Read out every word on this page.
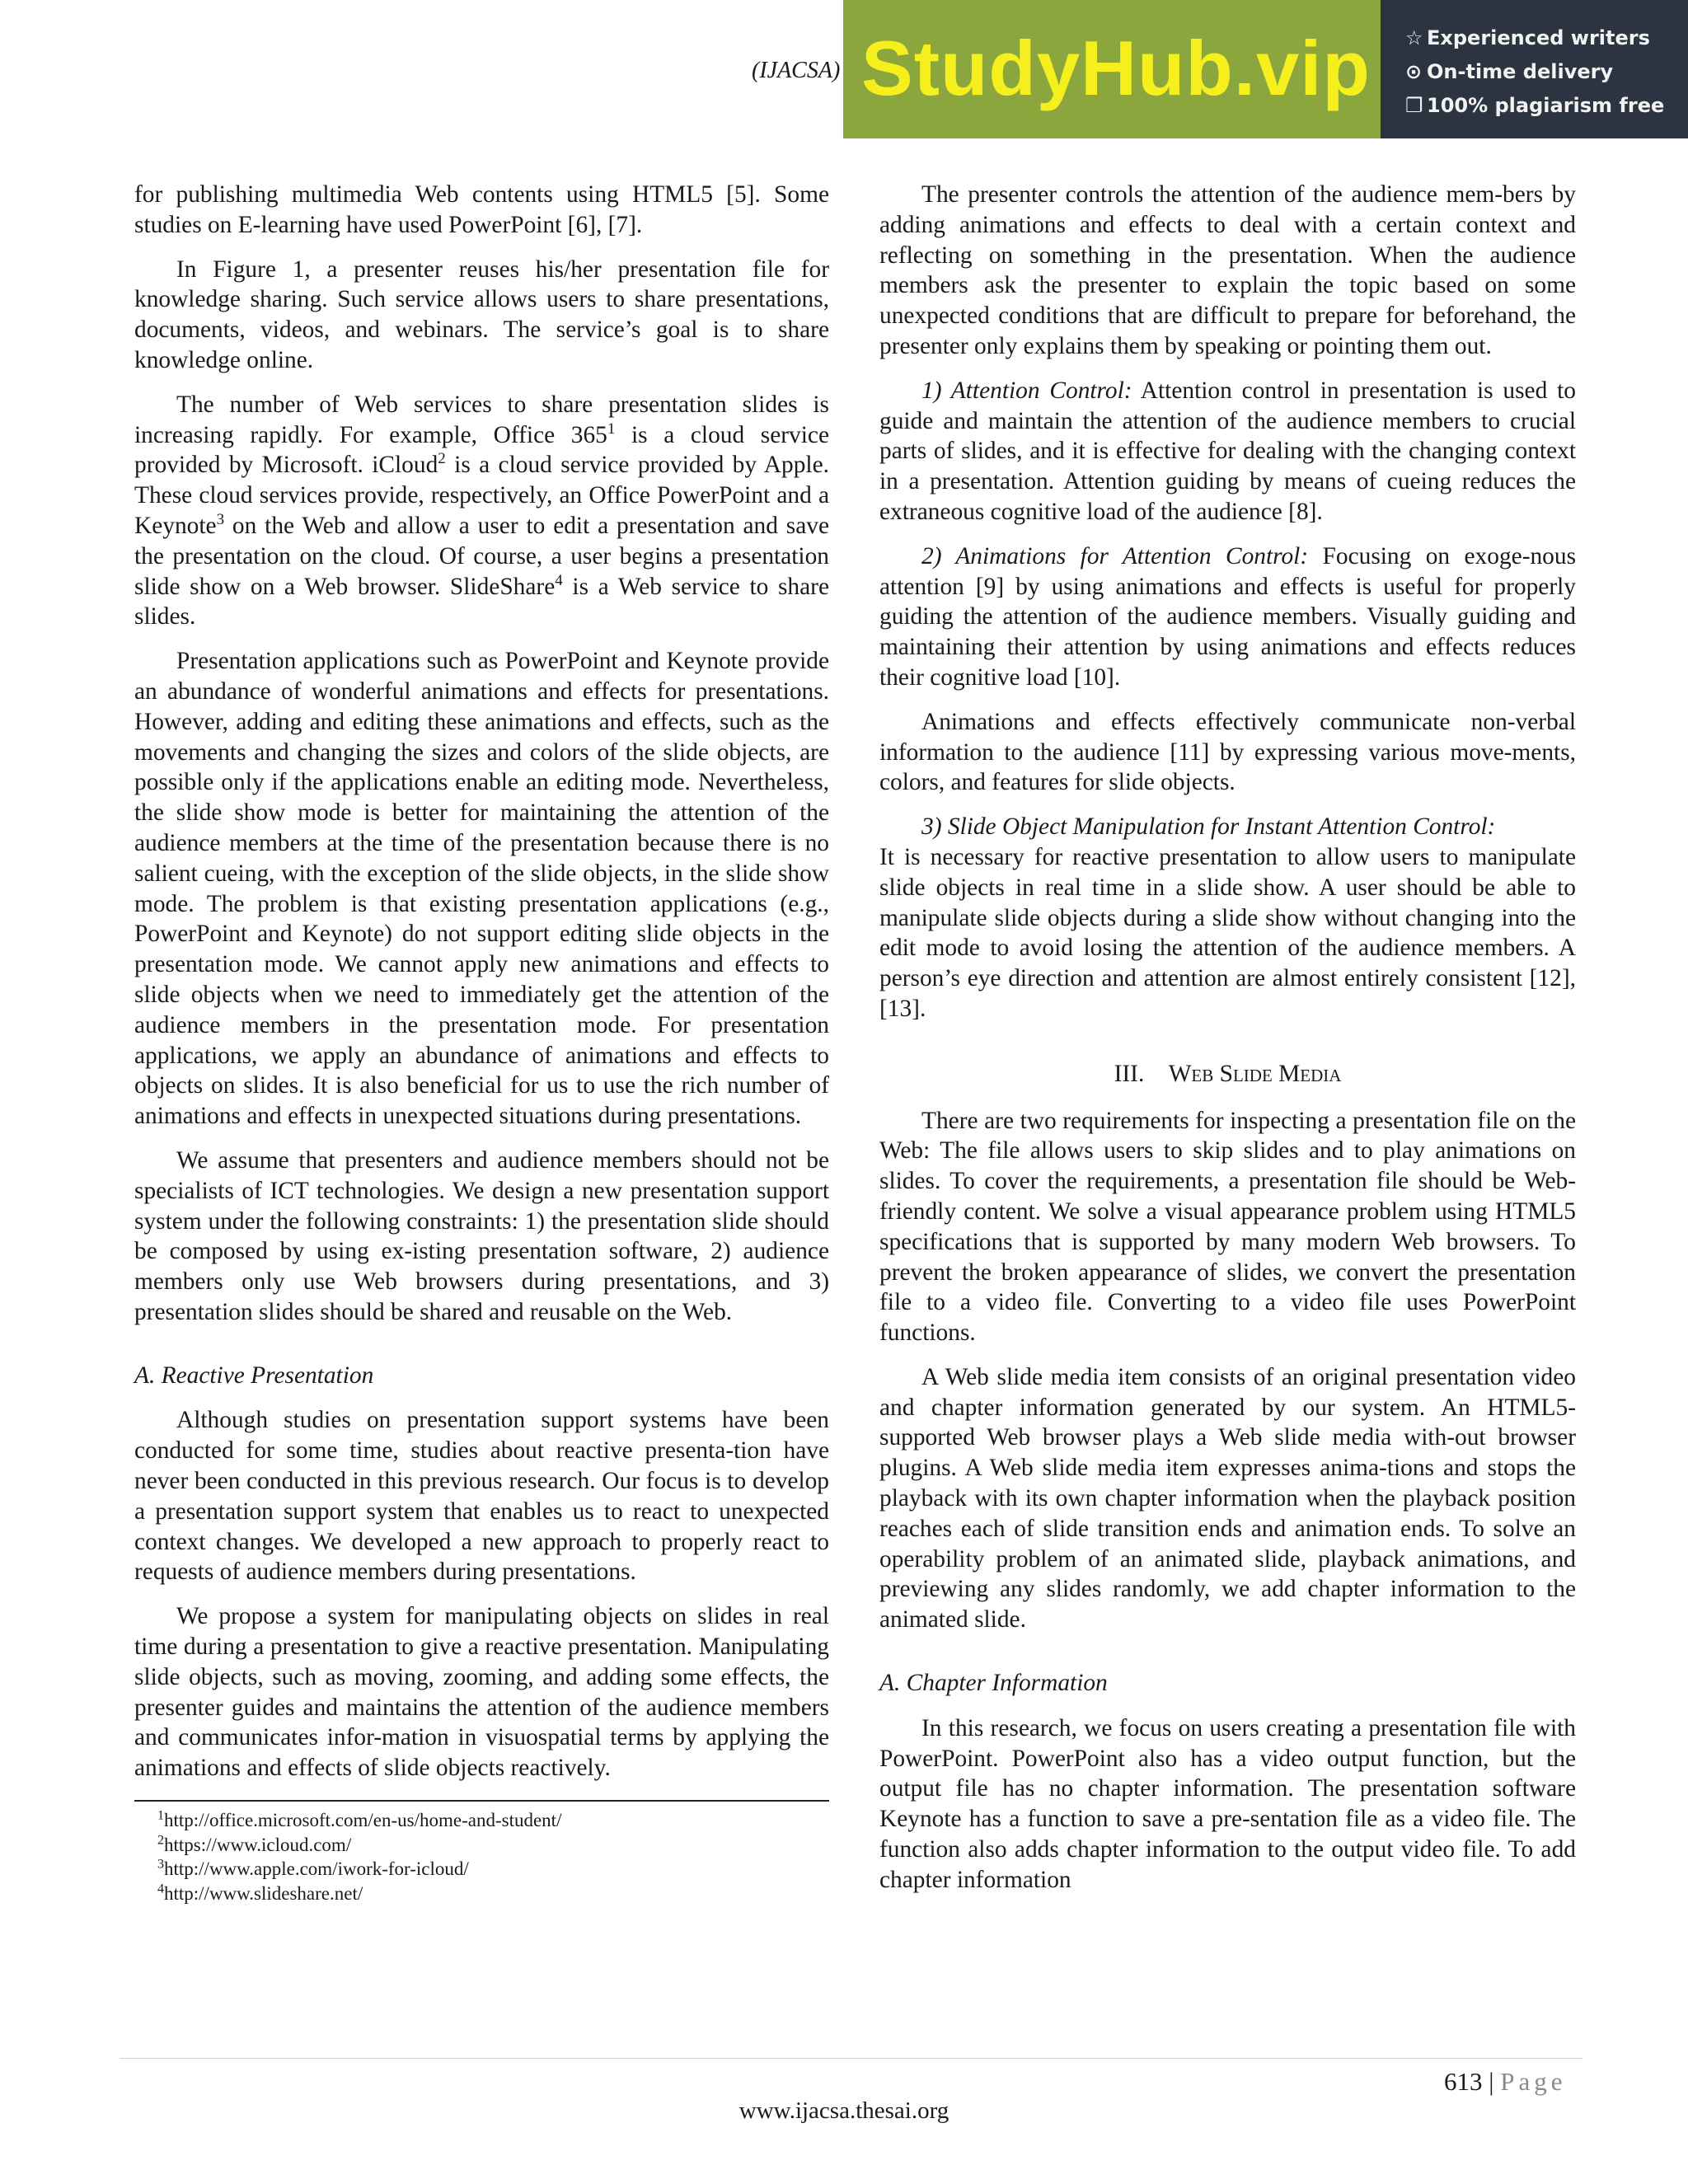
(IJACSA) StudyHub.vip ☆ Experienced writers
⊙ On-time delivery
❐ 100% plagiarism free

for publishing multimedia Web contents using HTML5 [5]. Some studies on E-learning have used PowerPoint [6], [7].

In Figure 1, a presenter reuses his/her presentation file for knowledge sharing. Such service allows users to share presentations, documents, videos, and webinars. The service’s goal is to share knowledge online.

The number of Web services to share presentation slides is increasing rapidly. For example, Office $365^1$ is a cloud service provided by Microsoft. iCloud$^2$ is a cloud service provided by Apple. These cloud services provide, respectively, an Office PowerPoint and a Keynote$^3$ on the Web and allow a user to edit a presentation and save the presentation on the cloud. Of course, a user begins a presentation slide show on a Web browser. SlideShare$^4$ is a Web service to share slides.

Presentation applications such as PowerPoint and Keynote provide an abundance of wonderful animations and effects for presentations. However, adding and editing these animations and effects, such as the movements and changing the sizes and colors of the slide objects, are possible only if the applications enable an editing mode. Nevertheless, the slide show mode is better for maintaining the attention of the audience members at the time of the presentation because there is no salient cueing, with the exception of the slide objects, in the slide show mode. The problem is that existing presentation applications (e.g., PowerPoint and Keynote) do not support editing slide objects in the presentation mode. We cannot apply new animations and effects to slide objects when we need to immediately get the attention of the audience members in the presentation mode. For presentation applications, we apply an abundance of animations and effects to objects on slides. It is also beneficial for us to use the rich number of animations and effects in unexpected situations during presentations.

We assume that presenters and audience members should not be specialists of ICT technologies. We design a new presentation support system under the following constraints: 1) the presentation slide should be composed by using ex-isting presentation software, 2) audience members only use Web browsers during presentations, and 3) presentation slides should be shared and reusable on the Web.

A. Reactive Presentation

Although studies on presentation support systems have been conducted for some time, studies about reactive presenta-tion have never been conducted in this previous research. Our focus is to develop a presentation support system that enables us to react to unexpected context changes. We developed a new approach to properly react to requests of audience members during presentations.

We propose a system for manipulating objects on slides in real time during a presentation to give a reactive presentation. Manipulating slide objects, such as moving, zooming, and adding some effects, the presenter guides and maintains the attention of the audience members and communicates infor-mation in visuospatial terms by applying the animations and effects of slide objects reactively.

$^1$http://office.microsoft.com/en-us/home-and-student/
$^2$https://www.icloud.com/
$^3$http://www.apple.com/iwork-for-icloud/
$^4$http://www.slideshare.net/

The presenter controls the attention of the audience mem-bers by adding animations and effects to deal with a certain context and reflecting on something in the presentation. When the audience members ask the presenter to explain the topic based on some unexpected conditions that are difficult to prepare for beforehand, the presenter only explains them by speaking or pointing them out.

1) Attention Control: Attention control in presentation is used to guide and maintain the attention of the audience members to crucial parts of slides, and it is effective for dealing with the changing context in a presentation. Attention guiding by means of cueing reduces the extraneous cognitive load of the audience [8].

2) Animations for Attention Control: Focusing on exoge-nous attention [9] by using animations and effects is useful for properly guiding the attention of the audience members. Visually guiding and maintaining their attention by using animations and effects reduces their cognitive load [10].

Animations and effects effectively communicate non-verbal information to the audience [11] by expressing various move-ments, colors, and features for slide objects.

3) Slide Object Manipulation for Instant Attention Control:
It is necessary for reactive presentation to allow users to manipulate slide objects in real time in a slide show. A user should be able to manipulate slide objects during a slide show without changing into the edit mode to avoid losing the attention of the audience members. A person’s eye direction and attention are almost entirely consistent [12], [13].

III. Web Slide Media

There are two requirements for inspecting a presentation file on the Web: The file allows users to skip slides and to play animations on slides. To cover the requirements, a presentation file should be Web-friendly content. We solve a visual appearance problem using HTML5 specifications that is supported by many modern Web browsers. To prevent the broken appearance of slides, we convert the presentation file to a video file. Converting to a video file uses PowerPoint functions.

A Web slide media item consists of an original presentation video and chapter information generated by our system. An HTML5-supported Web browser plays a Web slide media with-out browser plugins. A Web slide media item expresses anima-tions and stops the playback with its own chapter information when the playback position reaches each of slide transition ends and animation ends. To solve an operability problem of an animated slide, playback animations, and previewing any slides randomly, we add chapter information to the animated slide.

A. Chapter Information

In this research, we focus on users creating a presentation file with PowerPoint. PowerPoint also has a video output function, but the output file has no chapter information. The presentation software Keynote has a function to save a pre-sentation file as a video file. The function also adds chapter information to the output video file. To add chapter information

613 | Page
www.ijacsa.thesai.org
